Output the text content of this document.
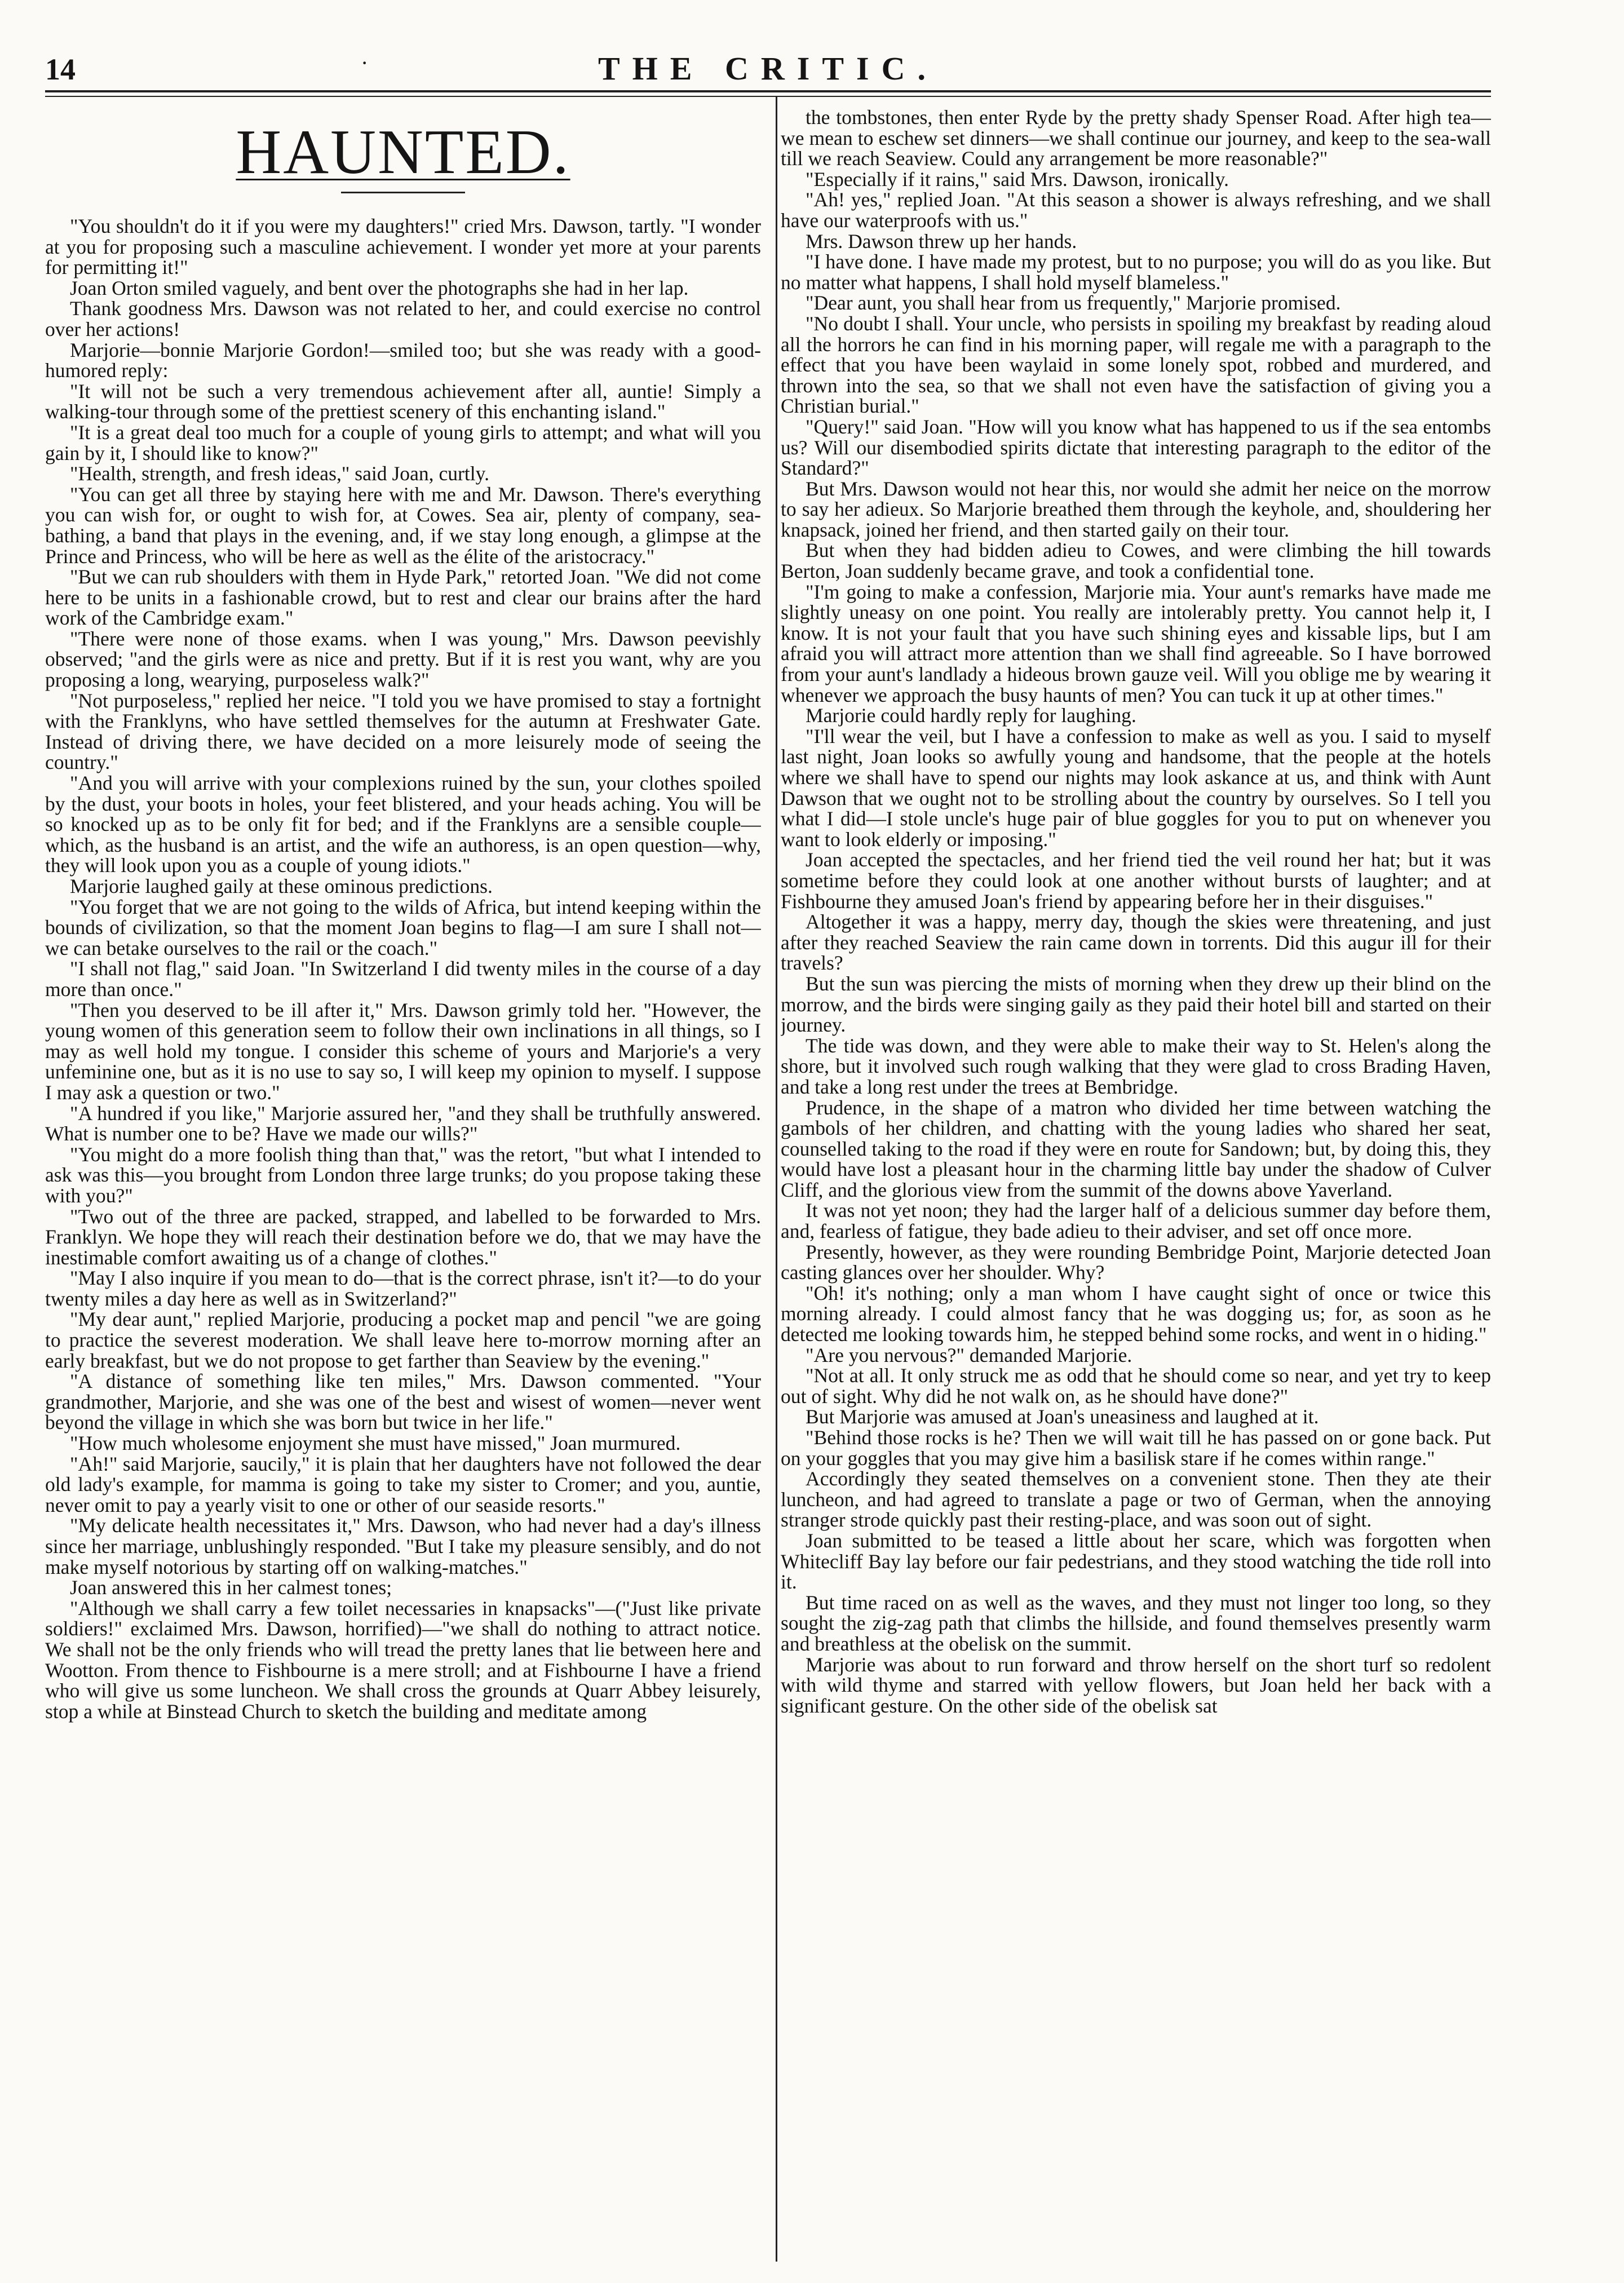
14	·	THE CRITIC.
HAUNTED.

"You shouldn't do it if you were my daughters!" cried Mrs. Dawson, tartly. "I wonder at you for proposing such a masculine achievement. I wonder yet more at your parents for permitting it!"

Joan Orton smiled vaguely, and bent over the photographs she had in her lap.

Thank goodness Mrs. Dawson was not related to her, and could exercise no control over her actions!

Marjorie—bonnie Marjorie Gordon!—smiled too; but she was ready with a good-humored reply:

"It will not be such a very tremendous achievement after all, auntie! Simply a walking-tour through some of the prettiest scenery of this enchanting island."

"It is a great deal too much for a couple of young girls to attempt; and what will you gain by it, I should like to know?"

"Health, strength, and fresh ideas," said Joan, curtly.

"You can get all three by staying here with me and Mr. Dawson. There's everything you can wish for, or ought to wish for, at Cowes. Sea air, plenty of company, sea-bathing, a band that plays in the evening, and, if we stay long enough, a glimpse at the Prince and Princess, who will be here as well as the élite of the aristocracy."

"But we can rub shoulders with them in Hyde Park," retorted Joan. "We did not come here to be units in a fashionable crowd, but to rest and clear our brains after the hard work of the Cambridge exam."

"There were none of those exams. when I was young," Mrs. Dawson peevishly observed; "and the girls were as nice and pretty. But if it is rest you want, why are you proposing a long, wearying, purposeless walk?"

"Not purposeless," replied her neice. "I told you we have promised to stay a fortnight with the Franklyns, who have settled themselves for the autumn at Freshwater Gate. Instead of driving there, we have decided on a more leisurely mode of seeing the country."

"And you will arrive with your complexions ruined by the sun, your clothes spoiled by the dust, your boots in holes, your feet blistered, and your heads aching. You will be so knocked up as to be only fit for bed; and if the Franklyns are a sensible couple—which, as the husband is an artist, and the wife an authoress, is an open question—why, they will look upon you as a couple of young idiots."

Marjorie laughed gaily at these ominous predictions.

"You forget that we are not going to the wilds of Africa, but intend keeping within the bounds of civilization, so that the moment Joan begins to flag—I am sure I shall not—we can betake ourselves to the rail or the coach."

"I shall not flag," said Joan. "In Switzerland I did twenty miles in the course of a day more than once."

"Then you deserved to be ill after it," Mrs. Dawson grimly told her. "However, the young women of this generation seem to follow their own inclinations in all things, so I may as well hold my tongue. I consider this scheme of yours and Marjorie's a very unfeminine one, but as it is no use to say so, I will keep my opinion to myself. I suppose I may ask a question or two."

"A hundred if you like," Marjorie assured her, "and they shall be truthfully answered. What is number one to be? Have we made our wills?"

"You might do a more foolish thing than that," was the retort, "but what I intended to ask was this—you brought from London three large trunks; do you propose taking these with you?"

"Two out of the three are packed, strapped, and labelled to be forwarded to Mrs. Franklyn. We hope they will reach their destination before we do, that we may have the inestimable comfort awaiting us of a change of clothes."

"May I also inquire if you mean to do—that is the correct phrase, isn't it?—to do your twenty miles a day here as well as in Switzerland?"

"My dear aunt," replied Marjorie, producing a pocket map and pencil "we are going to practice the severest moderation. We shall leave here to-morrow morning after an early breakfast, but we do not propose to get farther than Seaview by the evening."

"A distance of something like ten miles," Mrs. Dawson commented. "Your grandmother, Marjorie, and she was one of the best and wisest of women—never went beyond the village in which she was born but twice in her life."

"How much wholesome enjoyment she must have missed," Joan murmured.

"Ah!" said Marjorie, saucily," it is plain that her daughters have not followed the dear old lady's example, for mamma is going to take my sister to Cromer; and you, auntie, never omit to pay a yearly visit to one or other of our seaside resorts."

"My delicate health necessitates it," Mrs. Dawson, who had never had a day's illness since her marriage, unblushingly responded. "But I take my pleasure sensibly, and do not make myself notorious by starting off on walking-matches."

Joan answered this in her calmest tones;

"Although we shall carry a few toilet necessaries in knapsacks"—("Just like private soldiers!" exclaimed Mrs. Dawson, horrified)—"we shall do nothing to attract notice. We shall not be the only friends who will tread the pretty lanes that lie between here and Wootton. From thence to Fishbourne is a mere stroll; and at Fishbourne I have a friend who will give us some luncheon. We shall cross the grounds at Quarr Abbey leisurely, stop a while at Binstead Church to sketch the building and meditate among

the tombstones, then enter Ryde by the pretty shady Spenser Road. After high tea—we mean to eschew set dinners—we shall continue our journey, and keep to the sea-wall till we reach Seaview. Could any arrangement be more reasonable?"

"Especially if it rains," said Mrs. Dawson, ironically.

"Ah! yes," replied Joan. "At this season a shower is always refreshing, and we shall have our waterproofs with us."

Mrs. Dawson threw up her hands.

"I have done. I have made my protest, but to no purpose; you will do as you like. But no matter what happens, I shall hold myself blameless."

"Dear aunt, you shall hear from us frequently," Marjorie promised.

"No doubt I shall. Your uncle, who persists in spoiling my breakfast by reading aloud all the horrors he can find in his morning paper, will regale me with a paragraph to the effect that you have been waylaid in some lonely spot, robbed and murdered, and thrown into the sea, so that we shall not even have the satisfaction of giving you a Christian burial."

"Query!" said Joan. "How will you know what has happened to us if the sea entombs us? Will our disembodied spirits dictate that interesting paragraph to the editor of the Standard?"

But Mrs. Dawson would not hear this, nor would she admit her neice on the morrow to say her adieux. So Marjorie breathed them through the keyhole, and, shouldering her knapsack, joined her friend, and then started gaily on their tour.

But when they had bidden adieu to Cowes, and were climbing the hill towards Berton, Joan suddenly became grave, and took a confidential tone.

"I'm going to make a confession, Marjorie mia. Your aunt's remarks have made me slightly uneasy on one point. You really are intolerably pretty. You cannot help it, I know. It is not your fault that you have such shining eyes and kissable lips, but I am afraid you will attract more attention than we shall find agreeable. So I have borrowed from your aunt's landlady a hideous brown gauze veil. Will you oblige me by wearing it whenever we approach the busy haunts of men? You can tuck it up at other times."

Marjorie could hardly reply for laughing.

"I'll wear the veil, but I have a confession to make as well as you. I said to myself last night, Joan looks so awfully young and handsome, that the people at the hotels where we shall have to spend our nights may look askance at us, and think with Aunt Dawson that we ought not to be strolling about the country by ourselves. So I tell you what I did—I stole uncle's huge pair of blue goggles for you to put on whenever you want to look elderly or imposing."

Joan accepted the spectacles, and her friend tied the veil round her hat; but it was sometime before they could look at one another without bursts of laughter; and at Fishbourne they amused Joan's friend by appearing before her in their disguises."

Altogether it was a happy, merry day, though the skies were threatening, and just after they reached Seaview the rain came down in torrents. Did this augur ill for their travels?

But the sun was piercing the mists of morning when they drew up their blind on the morrow, and the birds were singing gaily as they paid their hotel bill and started on their journey.

The tide was down, and they were able to make their way to St. Helen's along the shore, but it involved such rough walking that they were glad to cross Brading Haven, and take a long rest under the trees at Bembridge.

Prudence, in the shape of a matron who divided her time between watching the gambols of her children, and chatting with the young ladies who shared her seat, counselled taking to the road if they were en route for Sandown; but, by doing this, they would have lost a pleasant hour in the charming little bay under the shadow of Culver Cliff, and the glorious view from the summit of the downs above Yaverland.

It was not yet noon; they had the larger half of a delicious summer day before them, and, fearless of fatigue, they bade adieu to their adviser, and set off once more.

Presently, however, as they were rounding Bembridge Point, Marjorie detected Joan casting glances over her shoulder. Why?

"Oh! it's nothing; only a man whom I have caught sight of once or twice this morning already. I could almost fancy that he was dogging us; for, as soon as he detected me looking towards him, he stepped behind some rocks, and went in o hiding."

"Are you nervous?" demanded Marjorie.

"Not at all. It only struck me as odd that he should come so near, and yet try to keep out of sight. Why did he not walk on, as he should have done?"

But Marjorie was amused at Joan's uneasiness and laughed at it.

"Behind those rocks is he? Then we will wait till he has passed on or gone back. Put on your goggles that you may give him a basilisk stare if he comes within range."

Accordingly they seated themselves on a convenient stone. Then they ate their luncheon, and had agreed to translate a page or two of German, when the annoying stranger strode quickly past their resting-place, and was soon out of sight.

Joan submitted to be teased a little about her scare, which was forgotten when Whitecliff Bay lay before our fair pedestrians, and they stood watching the tide roll into it.

But time raced on as well as the waves, and they must not linger too long, so they sought the zig-zag path that climbs the hillside, and found themselves presently warm and breathless at the obelisk on the summit.

Marjorie was about to run forward and throw herself on the short turf so redolent with wild thyme and starred with yellow flowers, but Joan held her back with a significant gesture. On the other side of the obelisk sat
